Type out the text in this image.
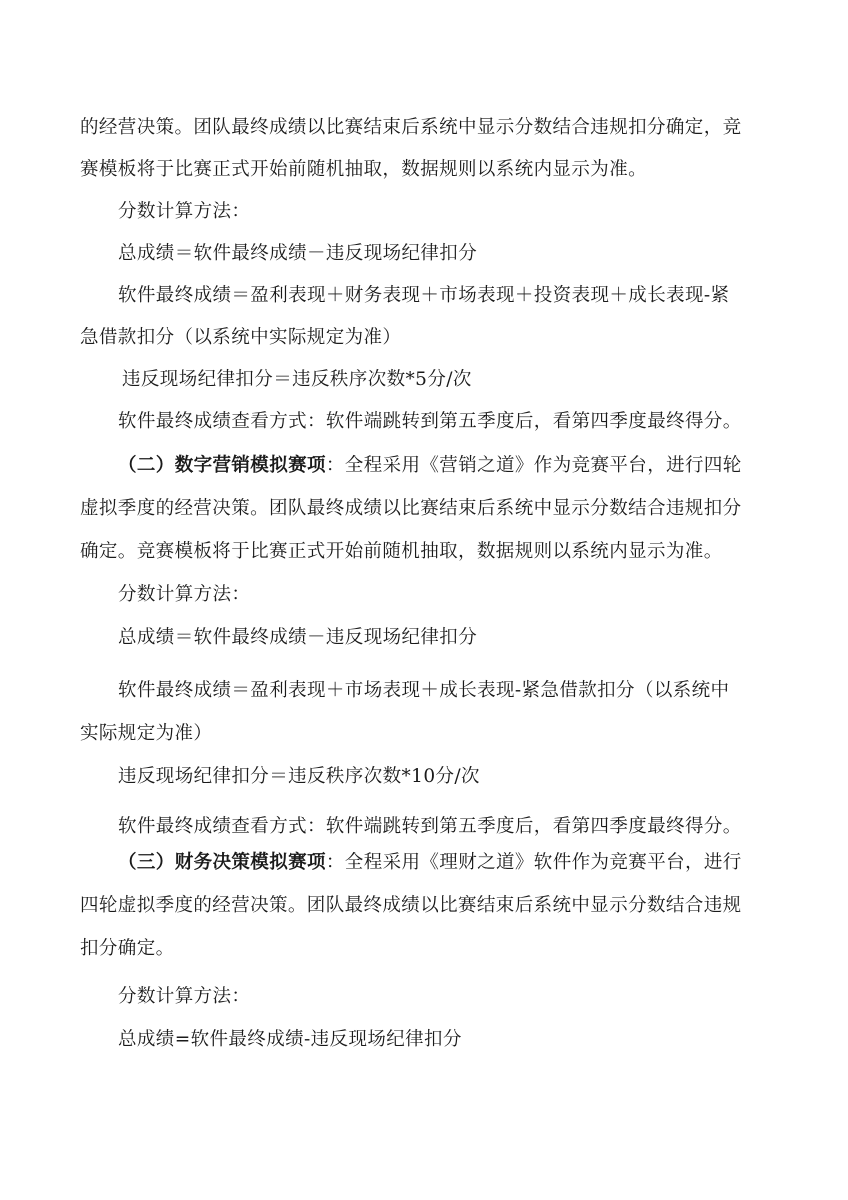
的经营决策。团队最终成绩以比赛结束后系统中显示分数结合违规扣分确定，竞
赛模板将于比赛正式开始前随机抽取，数据规则以系统内显示为准。
分数计算方法：
总成绩＝软件最终成绩－违反现场纪律扣分
软件最终成绩＝盈利表现＋财务表现＋市场表现＋投资表现＋成长表现-紧
急借款扣分（以系统中实际规定为准）
违反现场纪律扣分＝违反秩序次数*5分/次
软件最终成绩查看方式：软件端跳转到第五季度后，看第四季度最终得分。
（二）数字营销模拟赛项：全程采用《营销之道》作为竞赛平台，进行四轮
虚拟季度的经营决策。团队最终成绩以比赛结束后系统中显示分数结合违规扣分
确定。竞赛模板将于比赛正式开始前随机抽取，数据规则以系统内显示为准。
分数计算方法：
总成绩＝软件最终成绩－违反现场纪律扣分
软件最终成绩＝盈利表现＋市场表现＋成长表现-紧急借款扣分（以系统中
实际规定为准）
违反现场纪律扣分＝违反秩序次数*10分/次
软件最终成绩查看方式：软件端跳转到第五季度后，看第四季度最终得分。
（三）财务决策模拟赛项：全程采用《理财之道》软件作为竞赛平台，进行
四轮虚拟季度的经营决策。团队最终成绩以比赛结束后系统中显示分数结合违规
扣分确定。
分数计算方法：
总成绩=软件最终成绩-违反现场纪律扣分
